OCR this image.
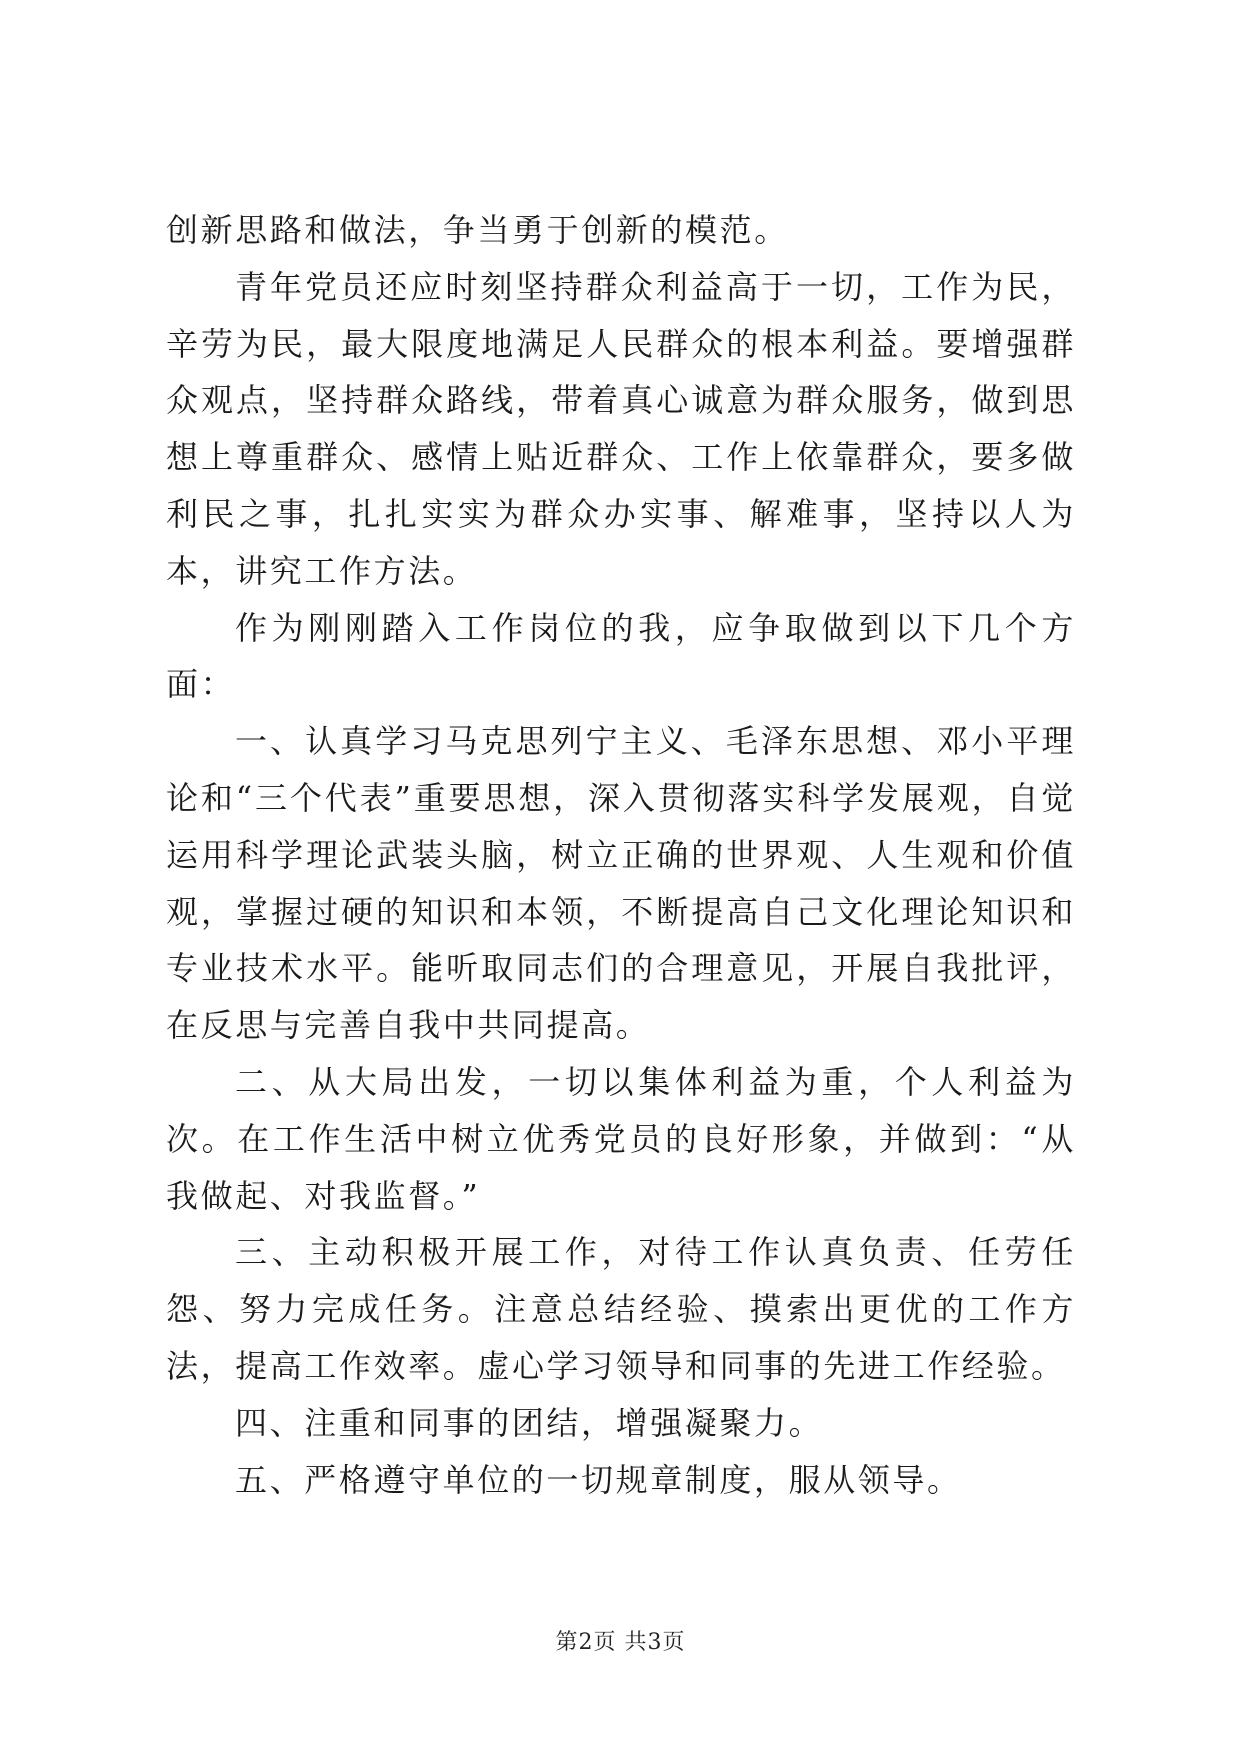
创新思路和做法，争当勇于创新的模范。

青年党员还应时刻坚持群众利益高于一切，工作为民，辛劳为民，最大限度地满足人民群众的根本利益。要增强群众观点，坚持群众路线，带着真心诚意为群众服务，做到思想上尊重群众、感情上贴近群众、工作上依靠群众，要多做利民之事，扎扎实实为群众办实事、解难事，坚持以人为本，讲究工作方法。

作为刚刚踏入工作岗位的我，应争取做到以下几个方面：

一、认真学习马克思列宁主义、毛泽东思想、邓小平理论和“三个代表”重要思想，深入贯彻落实科学发展观，自觉运用科学理论武装头脑，树立正确的世界观、人生观和价值观，掌握过硬的知识和本领，不断提高自己文化理论知识和专业技术水平。能听取同志们的合理意见，开展自我批评，在反思与完善自我中共同提高。

二、从大局出发，一切以集体利益为重，个人利益为次。在工作生活中树立优秀党员的良好形象，并做到：“从我做起、对我监督。”

三、主动积极开展工作，对待工作认真负责、任劳任怨、努力完成任务。注意总结经验、摸索出更优的工作方法，提高工作效率。虚心学习领导和同事的先进工作经验。

四、注重和同事的团结，增强凝聚力。

五、严格遵守单位的一切规章制度，服从领导。

第2页 共3页
